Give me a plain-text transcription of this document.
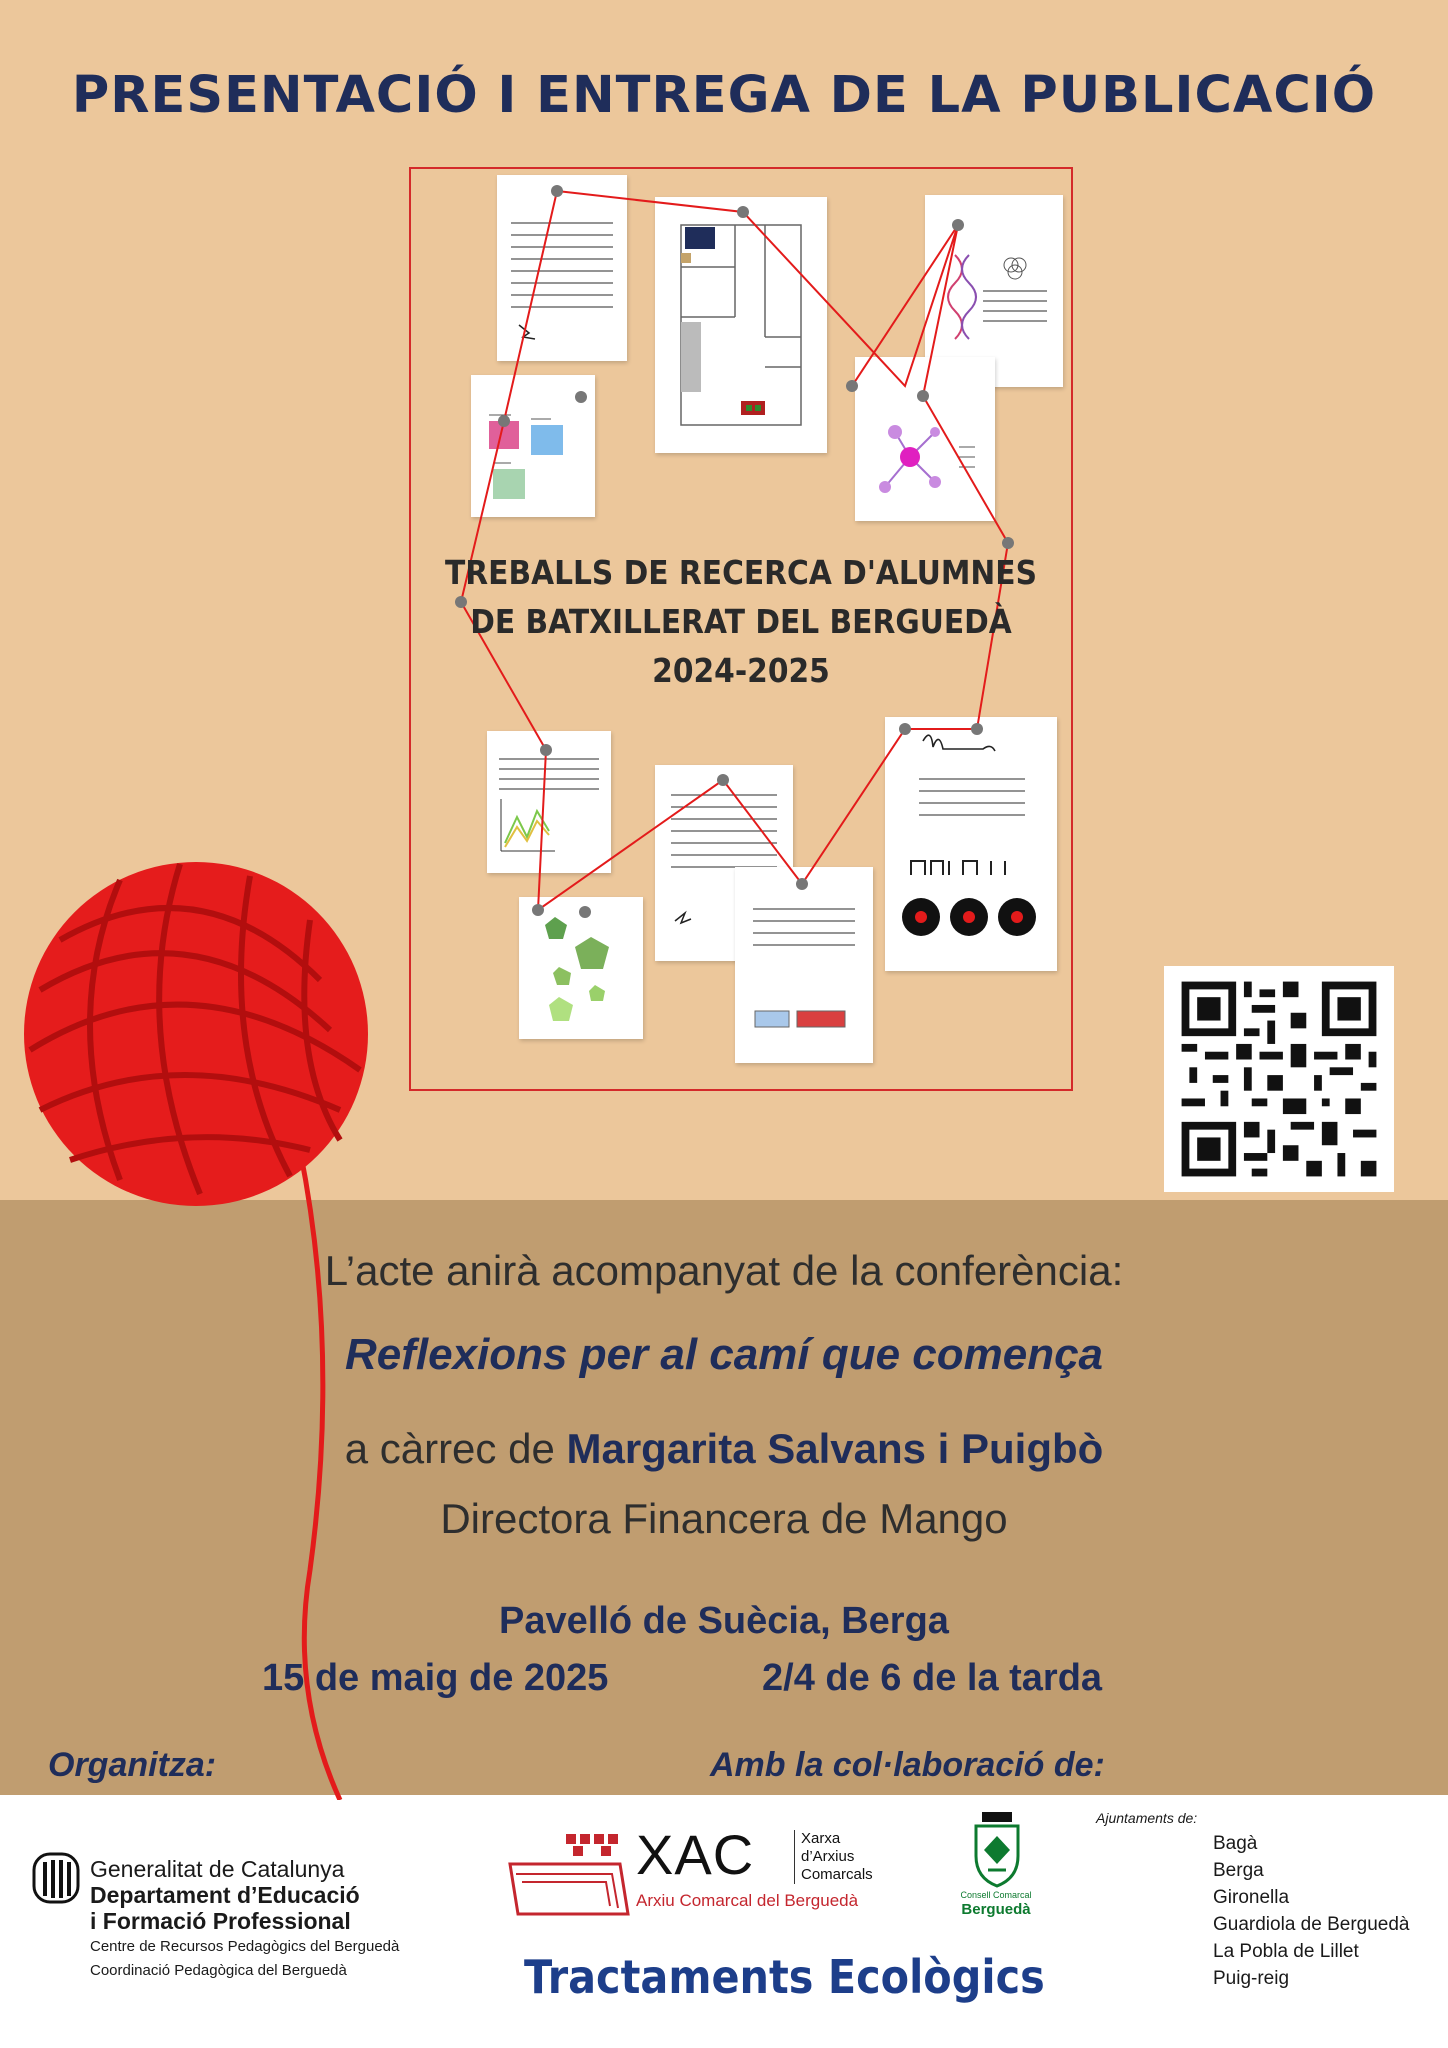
PRESENTACIÓ I ENTREGA DE LA PUBLICACIÓ
TREBALLS DE RECERCA D'ALUMNES
DE BATXILLERAT DEL BERGUEDÀ
2024-2025
L’acte anirà acompanyat de la conferència:
Reflexions per al camí que comença
a càrrec de Margarita Salvans i Puigbò
Directora Financera de Mango
Pavelló de Suècia, Berga
15 de maig de 2025	2/4 de 6 de la tarda
Organitza:	Amb la col·laboració de:
Generalitat de Catalunya
Departament d’Educació
i Formació Professional
Centre de Recursos Pedagògics del Berguedà
Coordinació Pedagògica del Berguedà
XAC	Xarxa
d’Arxius
Comarcals
Arxiu Comarcal del Berguedà	Consell Comarcal
Berguedà
Tractaments Ecològics
Ajuntaments de:
Bagà
Berga
Gironella
Guardiola de Berguedà
La Pobla de Lillet
Puig-reig
